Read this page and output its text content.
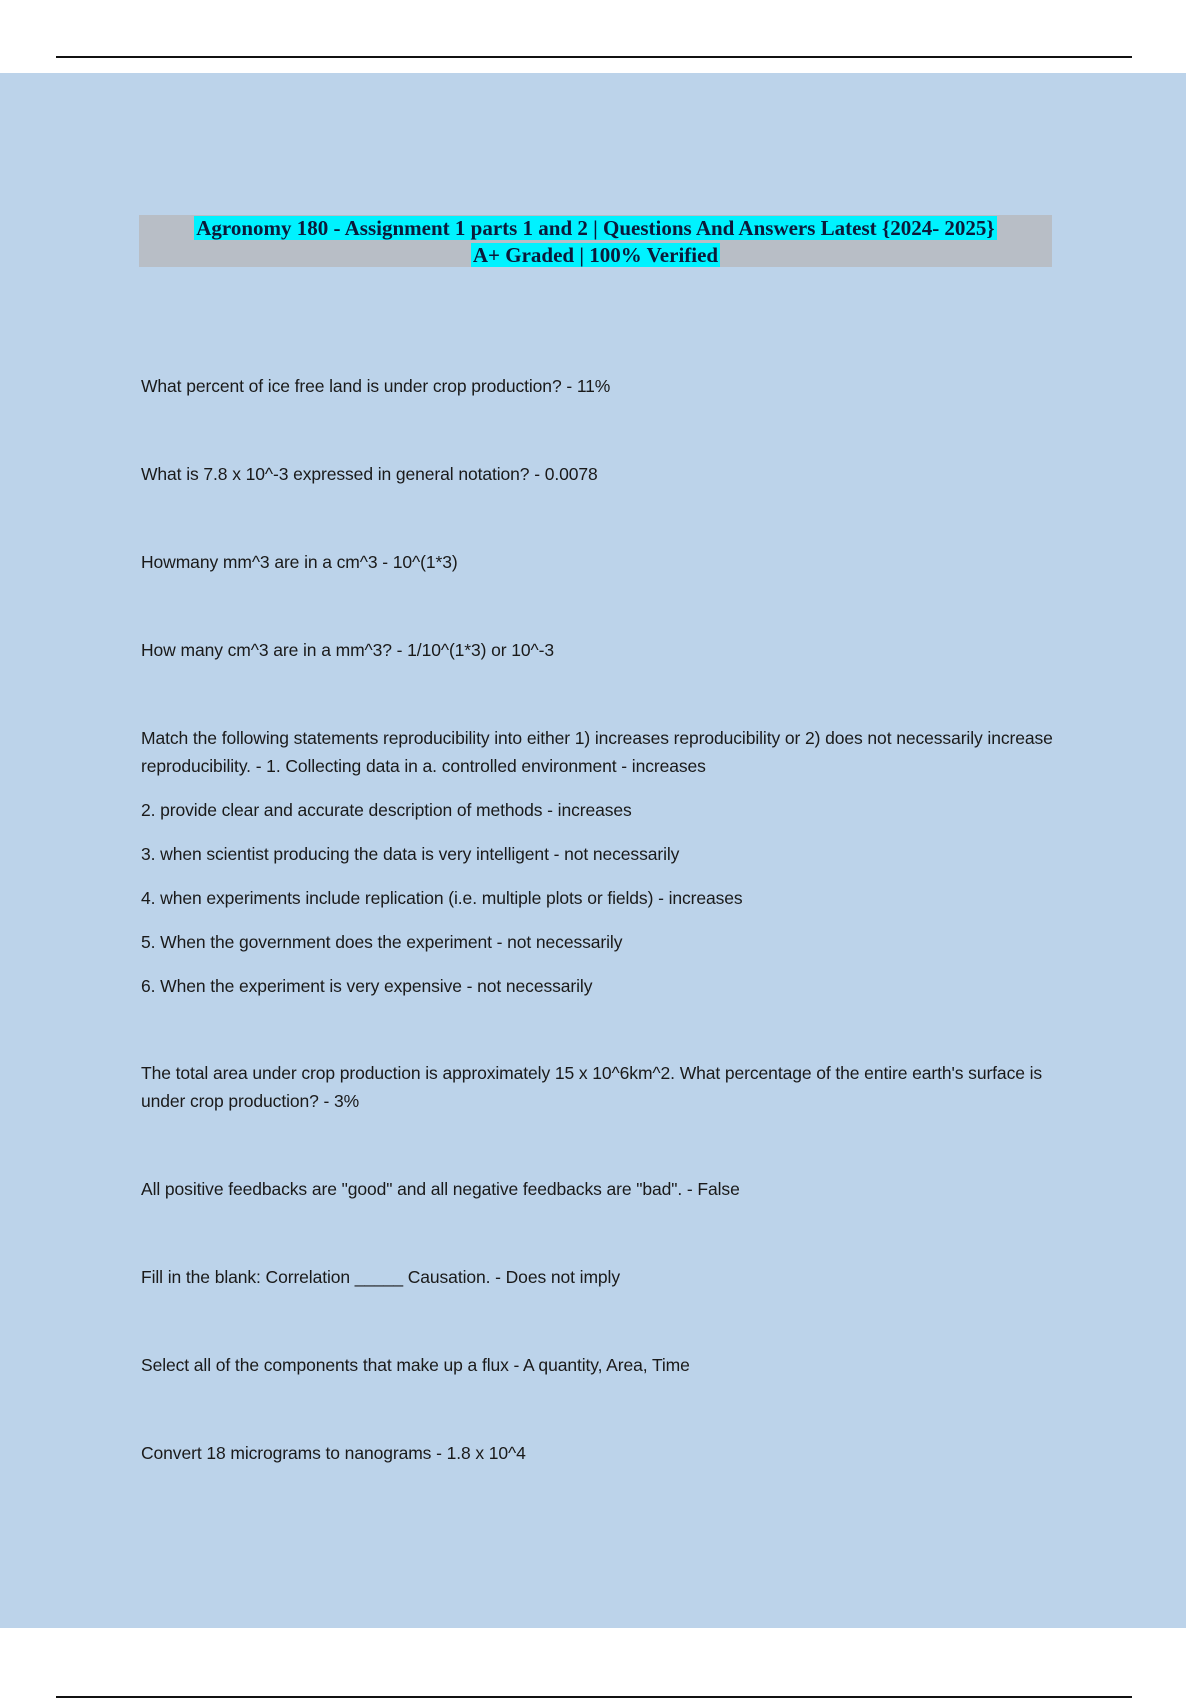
Agronomy 180 - Assignment 1 parts 1 and 2 | Questions And Answers Latest {2024- 2025}
A+ Graded | 100% Verified

What percent of ice free land is under crop production? - 11%

What is 7.8 x 10^-3 expressed in general notation? - 0.0078

Howmany mm^3 are in a cm^3 - 10^(1*3)

How many cm^3 are in a mm^3? - 1/10^(1*3) or 10^-3

Match the following statements reproducibility into either 1) increases reproducibility or 2) does not necessarily increase reproducibility. - 1. Collecting data in a. controlled environment - increases

2. provide clear and accurate description of methods - increases

3. when scientist producing the data is very intelligent - not necessarily

4. when experiments include replication (i.e. multiple plots or fields) - increases

5. When the government does the experiment - not necessarily

6. When the experiment is very expensive - not necessarily

The total area under crop production is approximately 15 x 10^6km^2. What percentage of the entire earth's surface is under crop production? - 3%

All positive feedbacks are "good" and all negative feedbacks are "bad". - False

Fill in the blank: Correlation _____ Causation. - Does not imply

Select all of the components that make up a flux - A quantity, Area, Time

Convert 18 micrograms to nanograms - 1.8 x 10^4
